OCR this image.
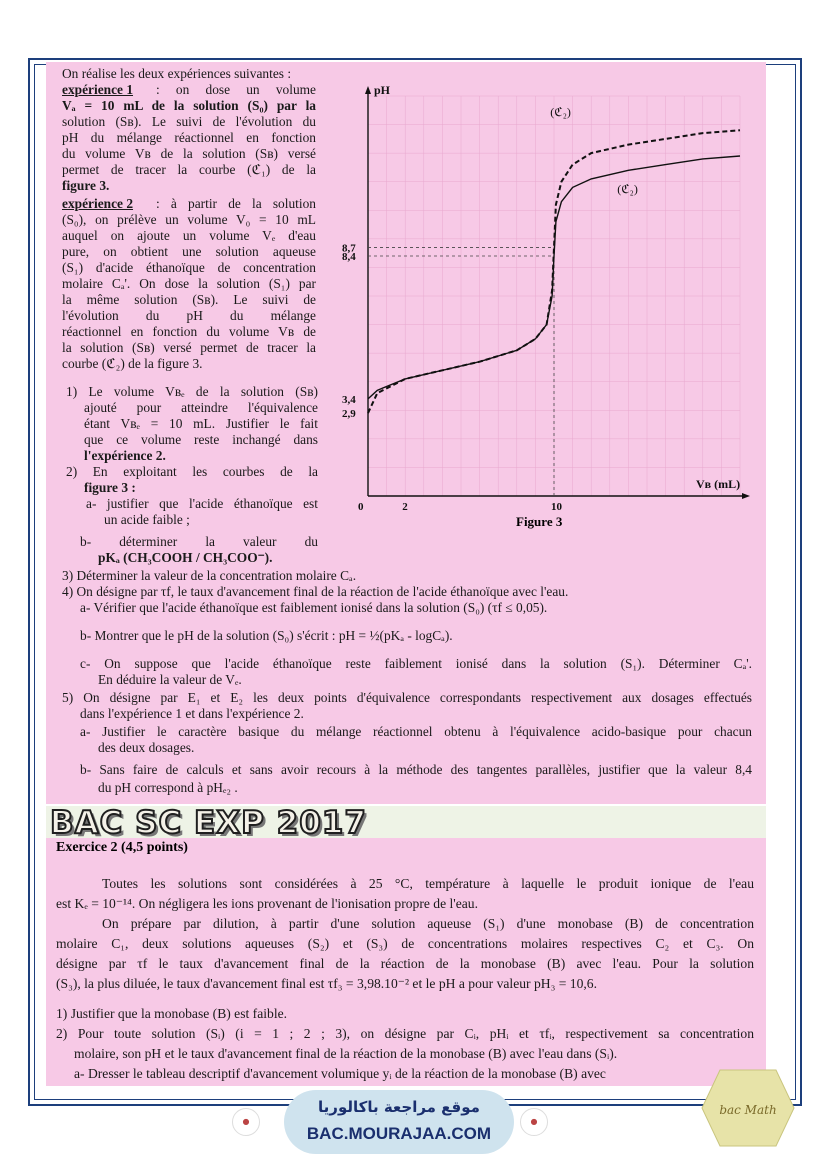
On réalise les deux expériences suivantes :
expérience 1 : on dose un volume
Vₐ = 10 mL de la solution (S₀) par la
solution (Sʙ). Le suivi de l'évolution du
pH du mélange réactionnel en fonction
du volume Vʙ de la solution (Sʙ) versé
permet de tracer la courbe (ℭ₁) de la
figure 3.
expérience 2 : à partir de la solution
(S₀), on prélève un volume V₀ = 10 mL
auquel on ajoute un volume Vₑ d'eau
pure, on obtient une solution aqueuse
(S₁) d'acide éthanoïque de concentration
molaire Cₐ'. On dose la solution (S₁) par
la même solution (Sʙ). Le suivi de
l'évolution du pH du mélange
réactionnel en fonction du volume Vʙ de
la solution (Sʙ) versé permet de tracer la
courbe (ℭ₂) de la figure 3.
1) Le volume Vʙₑ de la solution (Sʙ)
ajouté pour atteindre l'équivalence
étant Vʙₑ = 10 mL. Justifier le fait
que ce volume reste inchangé dans
l'expérience 2.
2) En exploitant les courbes de la
figure 3 :
a- justifier que l'acide éthanoïque est
un acide faible ;
b- déterminer la valeur du
pKₐ (CH₃COOH / CH₃COO⁻).
3) Déterminer la valeur de la concentration molaire Cₐ.
4) On désigne par τf, le taux d'avancement final de la réaction de l'acide éthanoïque avec l'eau.
a- Vérifier que l'acide éthanoïque est faiblement ionisé dans la solution (S₀) (τf ≤ 0,05).
b- Montrer que le pH de la solution (S₀) s'écrit : pH = ½(pKₐ - logCₐ).
c- On suppose que l'acide éthanoïque reste faiblement ionisé dans la solution (S₁). Déterminer Cₐ'.
En déduire la valeur de Vₑ.
5) On désigne par E₁ et E₂ les deux points d'équivalence correspondants respectivement aux dosages effectués
dans l'expérience 1 et dans l'expérience 2.
a- Justifier le caractère basique du mélange réactionnel obtenu à l'équivalence acido-basique pour chacun
des deux dosages.
b- Sans faire de calculs et sans avoir recours à la méthode des tangentes parallèles, justifier que la valeur 8,4
du pH correspond à pHₑ₂ .
0	2	10
2,9
3,4
8,4
8,7
(ℭ₂)
(ℭ₂)
pH
Vʙ (mL)
Figure 3
BAC SC EXP 2017
Exercice 2 (4,5 points)
Toutes les solutions sont considérées à 25 °C, température à laquelle le produit ionique de l'eau
est Kₑ = 10⁻¹⁴. On négligera les ions provenant de l'ionisation propre de l'eau.
On prépare par dilution, à partir d'une solution aqueuse (S₁) d'une monobase (B) de concentration
molaire C₁, deux solutions aqueuses (S₂) et (S₃) de concentrations molaires respectives C₂ et C₃. On
désigne par τf le taux d'avancement final de la réaction de la monobase (B) avec l'eau. Pour la solution
(S₃), la plus diluée, le taux d'avancement final est τf₃ = 3,98.10⁻² et le pH a pour valeur pH₃ = 10,6.
1) Justifier que la monobase (B) est faible.
2) Pour toute solution (Sᵢ) (i = 1 ; 2 ; 3), on désigne par Cᵢ, pHᵢ et τfᵢ, respectivement sa concentration
molaire, son pH et le taux d'avancement final de la réaction de la monobase (B) avec l'eau dans (Sᵢ).
a- Dresser le tableau descriptif d'avancement volumique yᵢ de la réaction de la monobase (B) avec
موقع مراجعة باكالوريا
BAC.MOURAJAA.COM
●	●
bac Math
